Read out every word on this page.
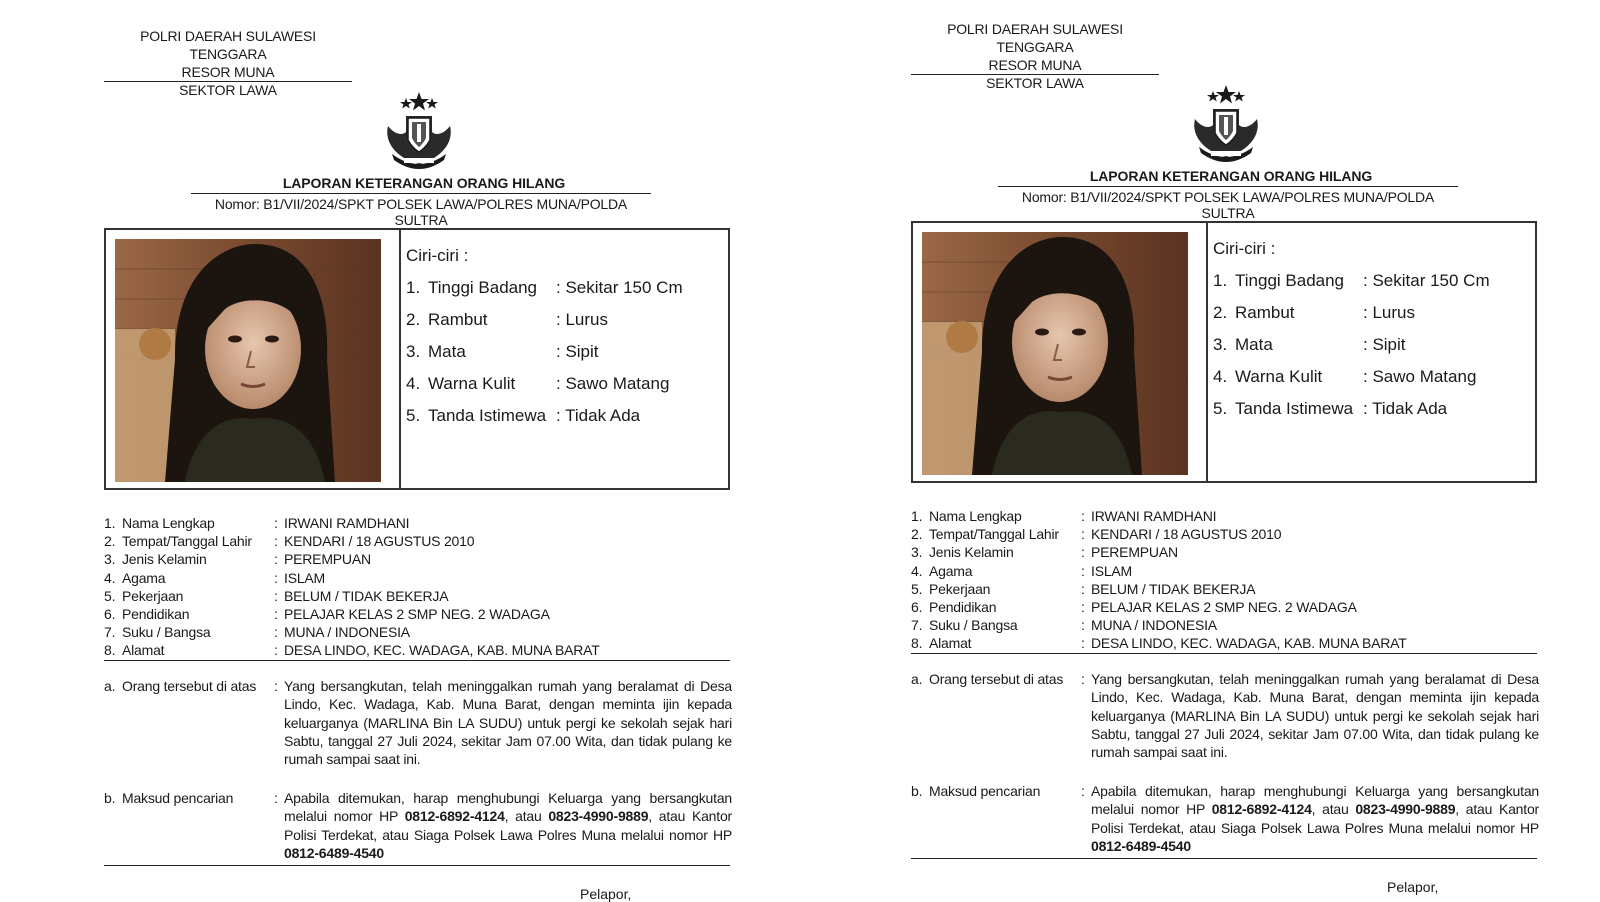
POLRI DAERAH SULAWESI TENGGARA
RESOR MUNA
SEKTOR LAWA
LAPORAN KETERANGAN ORANG HILANG
Nomor: B1/VII/2024/SPKT POLSEK LAWA/POLRES MUNA/POLDA SULTRA
Ciri-ciri :
1. Tinggi Badang	: Sekitar 150 Cm
2. Rambut	: Lurus
3. Mata	: Sipit
4. Warna Kulit	: Sawo Matang
5. Tanda Istimewa : Tidak Ada
1. Nama Lengkap	: IRWANI RAMDHANI
2. Tempat/Tanggal Lahir	: KENDARI / 18 AGUSTUS 2010
3. Jenis Kelamin	: PEREMPUAN
4. Agama	: ISLAM
5. Pekerjaan	: BELUM / TIDAK BEKERJA
6. Pendidikan	: PELAJAR KELAS 2 SMP NEG. 2 WADAGA
7. Suku / Bangsa	: MUNA / INDONESIA
8. Alamat	: DESA LINDO, KEC. WADAGA, KAB. MUNA BARAT
a. Orang tersebut di atas	: Yang bersangkutan, telah meninggalkan rumah yang beralamat di Desa Lindo, Kec. Wadaga, Kab. Muna Barat, dengan meminta ijin kepada keluarganya (MARLINA Bin LA SUDU) untuk pergi ke sekolah sejak hari Sabtu, tanggal 27 Juli 2024, sekitar Jam 07.00 Wita, dan tidak pulang ke rumah sampai saat ini.
b. Maksud pencarian	: Apabila ditemukan, harap menghubungi Keluarga yang bersangkutan melalui nomor HP 0812-6892-4124, atau 0823-4990-9889, atau Kantor Polisi Terdekat, atau Siaga Polsek Lawa Polres Muna melalui nomor HP 0812-6489-4540
Pelapor,
POLRI DAERAH SULAWESI TENGGARA
RESOR MUNA
SEKTOR LAWA
LAPORAN KETERANGAN ORANG HILANG
Nomor: B1/VII/2024/SPKT POLSEK LAWA/POLRES MUNA/POLDA SULTRA
Ciri-ciri :
1. Tinggi Badang	: Sekitar 150 Cm
2. Rambut	: Lurus
3. Mata	: Sipit
4. Warna Kulit	: Sawo Matang
5. Tanda Istimewa : Tidak Ada
1. Nama Lengkap	: IRWANI RAMDHANI
2. Tempat/Tanggal Lahir	: KENDARI / 18 AGUSTUS 2010
3. Jenis Kelamin	: PEREMPUAN
4. Agama	: ISLAM
5. Pekerjaan	: BELUM / TIDAK BEKERJA
6. Pendidikan	: PELAJAR KELAS 2 SMP NEG. 2 WADAGA
7. Suku / Bangsa	: MUNA / INDONESIA
8. Alamat	: DESA LINDO, KEC. WADAGA, KAB. MUNA BARAT
a. Orang tersebut di atas	: Yang bersangkutan, telah meninggalkan rumah yang beralamat di Desa Lindo, Kec. Wadaga, Kab. Muna Barat, dengan meminta ijin kepada keluarganya (MARLINA Bin LA SUDU) untuk pergi ke sekolah sejak hari Sabtu, tanggal 27 Juli 2024, sekitar Jam 07.00 Wita, dan tidak pulang ke rumah sampai saat ini.
b. Maksud pencarian	: Apabila ditemukan, harap menghubungi Keluarga yang bersangkutan melalui nomor HP 0812-6892-4124, atau 0823-4990-9889, atau Kantor Polisi Terdekat, atau Siaga Polsek Lawa Polres Muna melalui nomor HP 0812-6489-4540
Pelapor,
